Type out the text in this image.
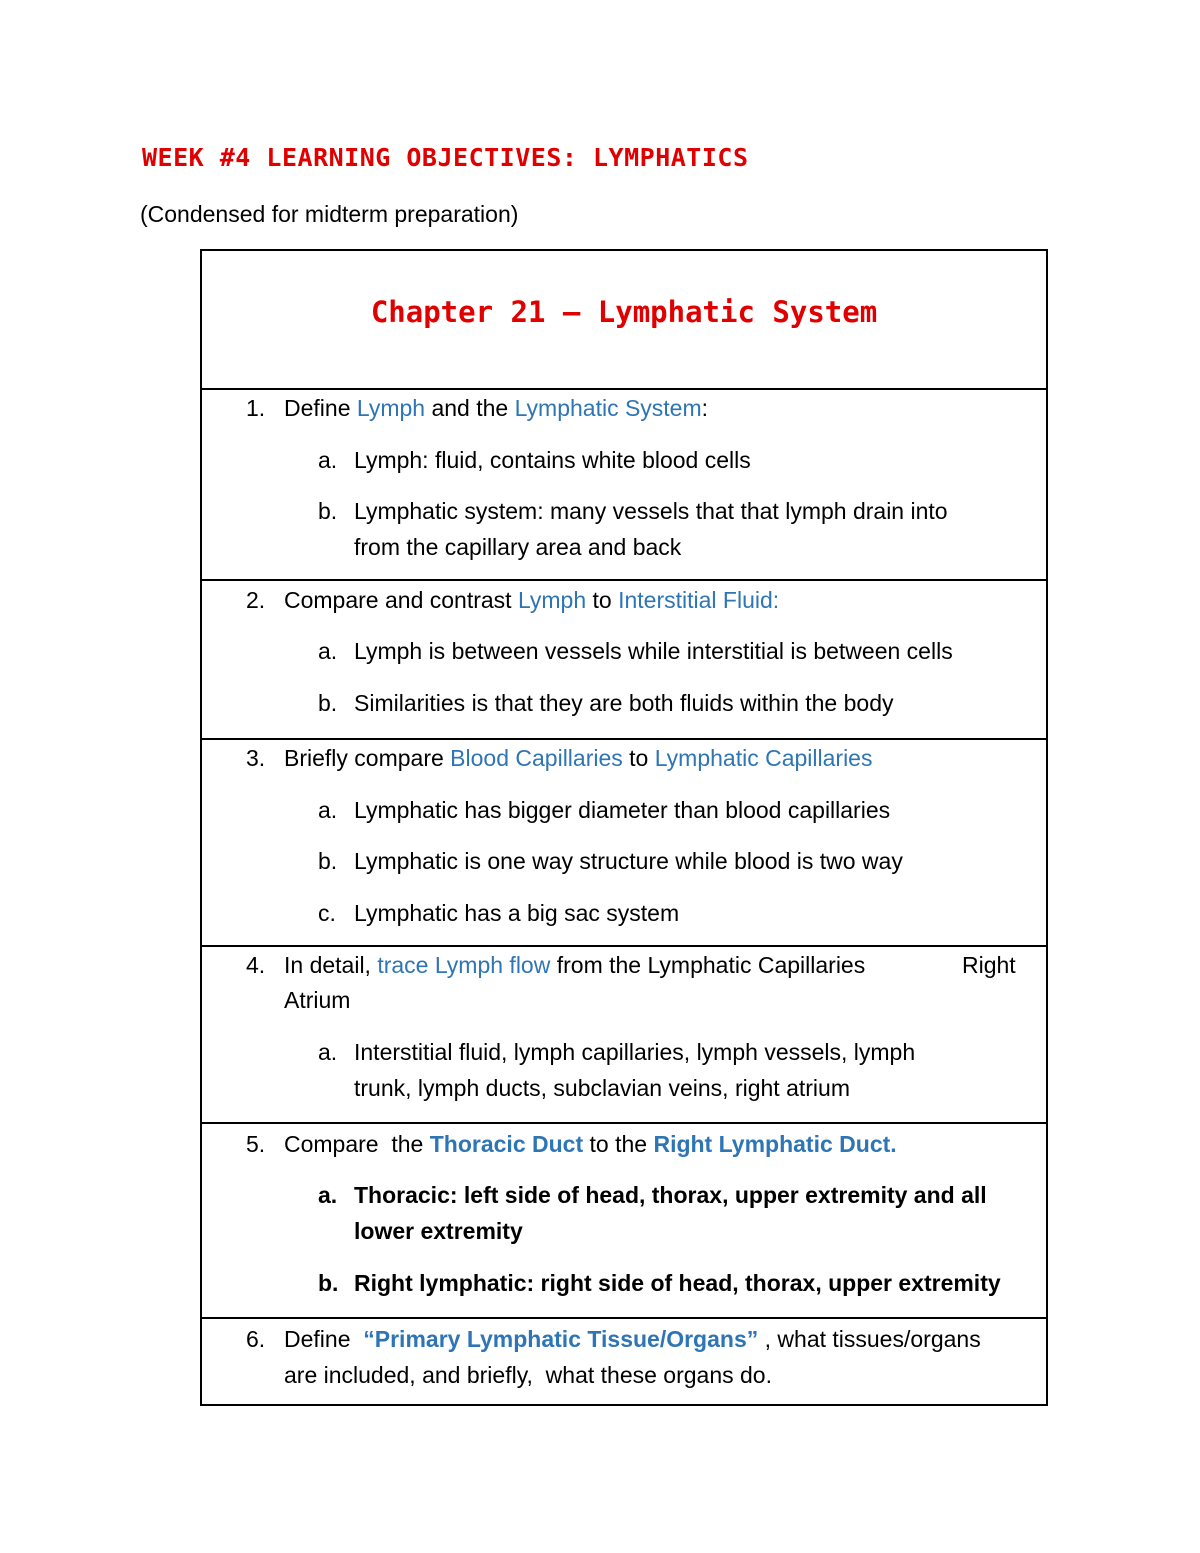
WEEK #4 LEARNING OBJECTIVES: LYMPHATICS
(Condensed for midterm preparation)
Chapter 21 – Lymphatic System
1. Define Lymph and the Lymphatic System:
a. Lymph: fluid, contains white blood cells
b. Lymphatic system: many vessels that that lymph drain into
from the capillary area and back
2. Compare and contrast Lymph to Interstitial Fluid:
a. Lymph is between vessels while interstitial is between cells
b. Similarities is that they are both fluids within the body
3. Briefly compare Blood Capillaries to Lymphatic Capillaries
a. Lymphatic has bigger diameter than blood capillaries
b. Lymphatic is one way structure while blood is two way
c. Lymphatic has a big sac system
4. In detail, trace Lymph flow from the Lymphatic Capillaries	Right
Atrium
a. Interstitial fluid, lymph capillaries, lymph vessels, lymph
trunk, lymph ducts, subclavian veins, right atrium
5. Compare  the Thoracic Duct to the Right Lymphatic Duct.
a. Thoracic: left side of head, thorax, upper extremity and all
lower extremity
b. Right lymphatic: right side of head, thorax, upper extremity
6. Define  “Primary Lymphatic Tissue/Organs” , what tissues/organs
are included, and briefly,  what these organs do.
